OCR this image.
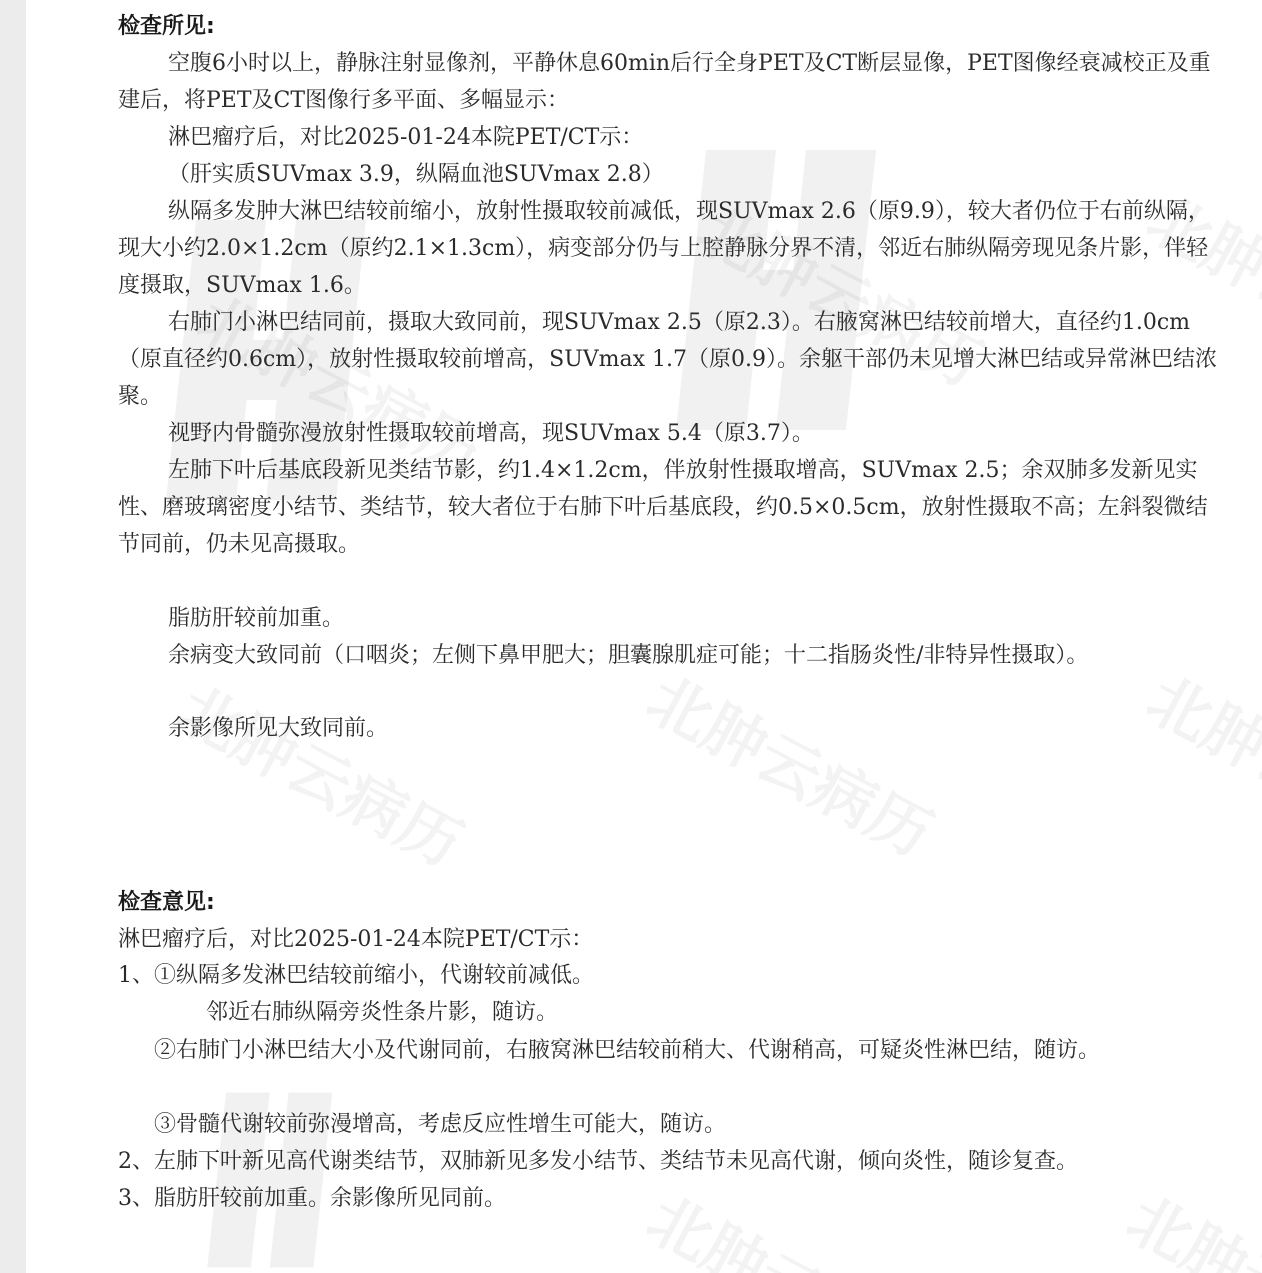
检查所见:

空腹6小时以上，静脉注射显像剂，平静休息60min后行全身PET及CT断层显像，PET图像经衰减校正及重建后，将PET及CT图像行多平面、多幅显示：

淋巴瘤疗后，对比2025-01-24本院PET/CT示：

（肝实质SUVmax 3.9，纵隔血池SUVmax 2.8）

纵隔多发肿大淋巴结较前缩小，放射性摄取较前减低，现SUVmax 2.6（原9.9），较大者仍位于右前纵隔，现大小约2.0×1.2cm（原约2.1×1.3cm），病变部分仍与上腔静脉分界不清，邻近右肺纵隔旁现见条片影，伴轻度摄取，SUVmax 1.6。

右肺门小淋巴结同前，摄取大致同前，现SUVmax 2.5（原2.3）。右腋窝淋巴结较前增大，直径约1.0cm（原直径约0.6cm），放射性摄取较前增高，SUVmax 1.7（原0.9）。余躯干部仍未见增大淋巴结或异常淋巴结浓聚。

视野内骨髓弥漫放射性摄取较前增高，现SUVmax 5.4（原3.7）。

左肺下叶后基底段新见类结节影，约1.4×1.2cm，伴放射性摄取增高，SUVmax 2.5；余双肺多发新见实性、磨玻璃密度小结节、类结节，较大者位于右肺下叶后基底段，约0.5×0.5cm，放射性摄取不高；左斜裂微结节同前，仍未见高摄取。

脂肪肝较前加重。

余病变大致同前（口咽炎；左侧下鼻甲肥大；胆囊腺肌症可能；十二指肠炎性/非特异性摄取）。

余影像所见大致同前。

检查意见:

淋巴瘤疗后，对比2025-01-24本院PET/CT示：

1、①纵隔多发淋巴结较前缩小，代谢较前减低。

邻近右肺纵隔旁炎性条片影，随访。

②右肺门小淋巴结大小及代谢同前，右腋窝淋巴结较前稍大、代谢稍高，可疑炎性淋巴结，随访。

③骨髓代谢较前弥漫增高，考虑反应性增生可能大，随访。

2、左肺下叶新见高代谢类结节，双肺新见多发小结节、类结节未见高代谢，倾向炎性，随诊复查。

3、脂肪肝较前加重。余影像所见同前。
